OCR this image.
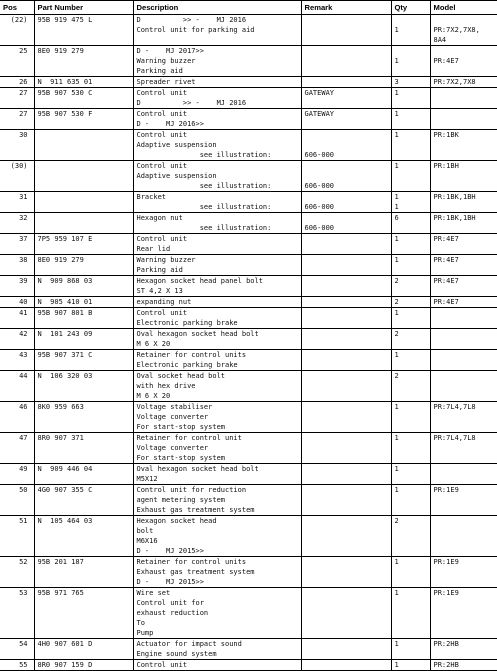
Pos	Part Number	Description	Remark	Qty	Model

(22)	95B 919 475 L	D          >> -    MJ 2016
Control unit for parking aid		1	PR:7X2,7X8,
8A4

25	8E0 919 279	D -    MJ 2017>>
Warning buzzer
Parking aid		1	PR:4E7

26	N  911 635 01	Spreader rivet		3	PR:7X2,7X8

27	95B 907 530 C	Control unit
D          >> -    MJ 2016	GATEWAY	1	

27	95B 907 530 F	Control unit
D -    MJ 2016>>	GATEWAY	1	

30		Control unit
Adaptive suspension
see illustration:	606-000	1	PR:1BK

(30)		Control unit
Adaptive suspension
see illustration:	606-000	1	PR:1BH

31		Bracket
see illustration:	606-000	1
1	PR:1BK,1BH

32		Hexagon nut
see illustration:	606-000	6	PR:1BK,1BH

37	7P5 959 107 E	Control unit
Rear lid		1	PR:4E7

38	8E0 919 279	Warning buzzer
Parking aid		1	PR:4E7

39	N  909 868 03	Hexagon socket head panel bolt
ST 4,2 X 13		2	PR:4E7

40	N  905 410 01	expanding nut		2	PR:4E7

41	95B 907 801 B	Control unit
Electronic parking brake		1	

42	N  101 243 09	Oval hexagon socket head bolt
M 6 X 20		2	

43	95B 907 371 C	Retainer for control units
Electronic parking brake		1	

44	N  106 320 03	Oval socket head bolt
with hex drive
M 6 X 20		2	

46	8K0 959 663	Voltage stabiliser
Voltage converter
For start-stop system		1	PR:7L4,7L8

47	8R0 907 371	Retainer for control unit
Voltage converter
For start-stop system		1	PR:7L4,7L8

49	N  909 446 04	Oval hexagon socket head bolt
M5X12		1	

50	4G0 907 355 C	Control unit for reduction
agent metering system
Exhaust gas treatment system		1	PR:1E9

51	N  105 464 03	Hexagon socket head
bolt
M6X16
D -    MJ 2015>>		2	

52	95B 201 187	Retainer for control units
Exhaust gas treatment system
D -    MJ 2015>>		1	PR:1E9

53	95B 971 765	Wire set
Control unit for
exhaust reduction
To
Pump		1	PR:1E9

54	4H0 907 601 D	Actuator for impact sound
Engine sound system		1	PR:2HB

55	8R0 907 159 D	Control unit		1	PR:2HB
